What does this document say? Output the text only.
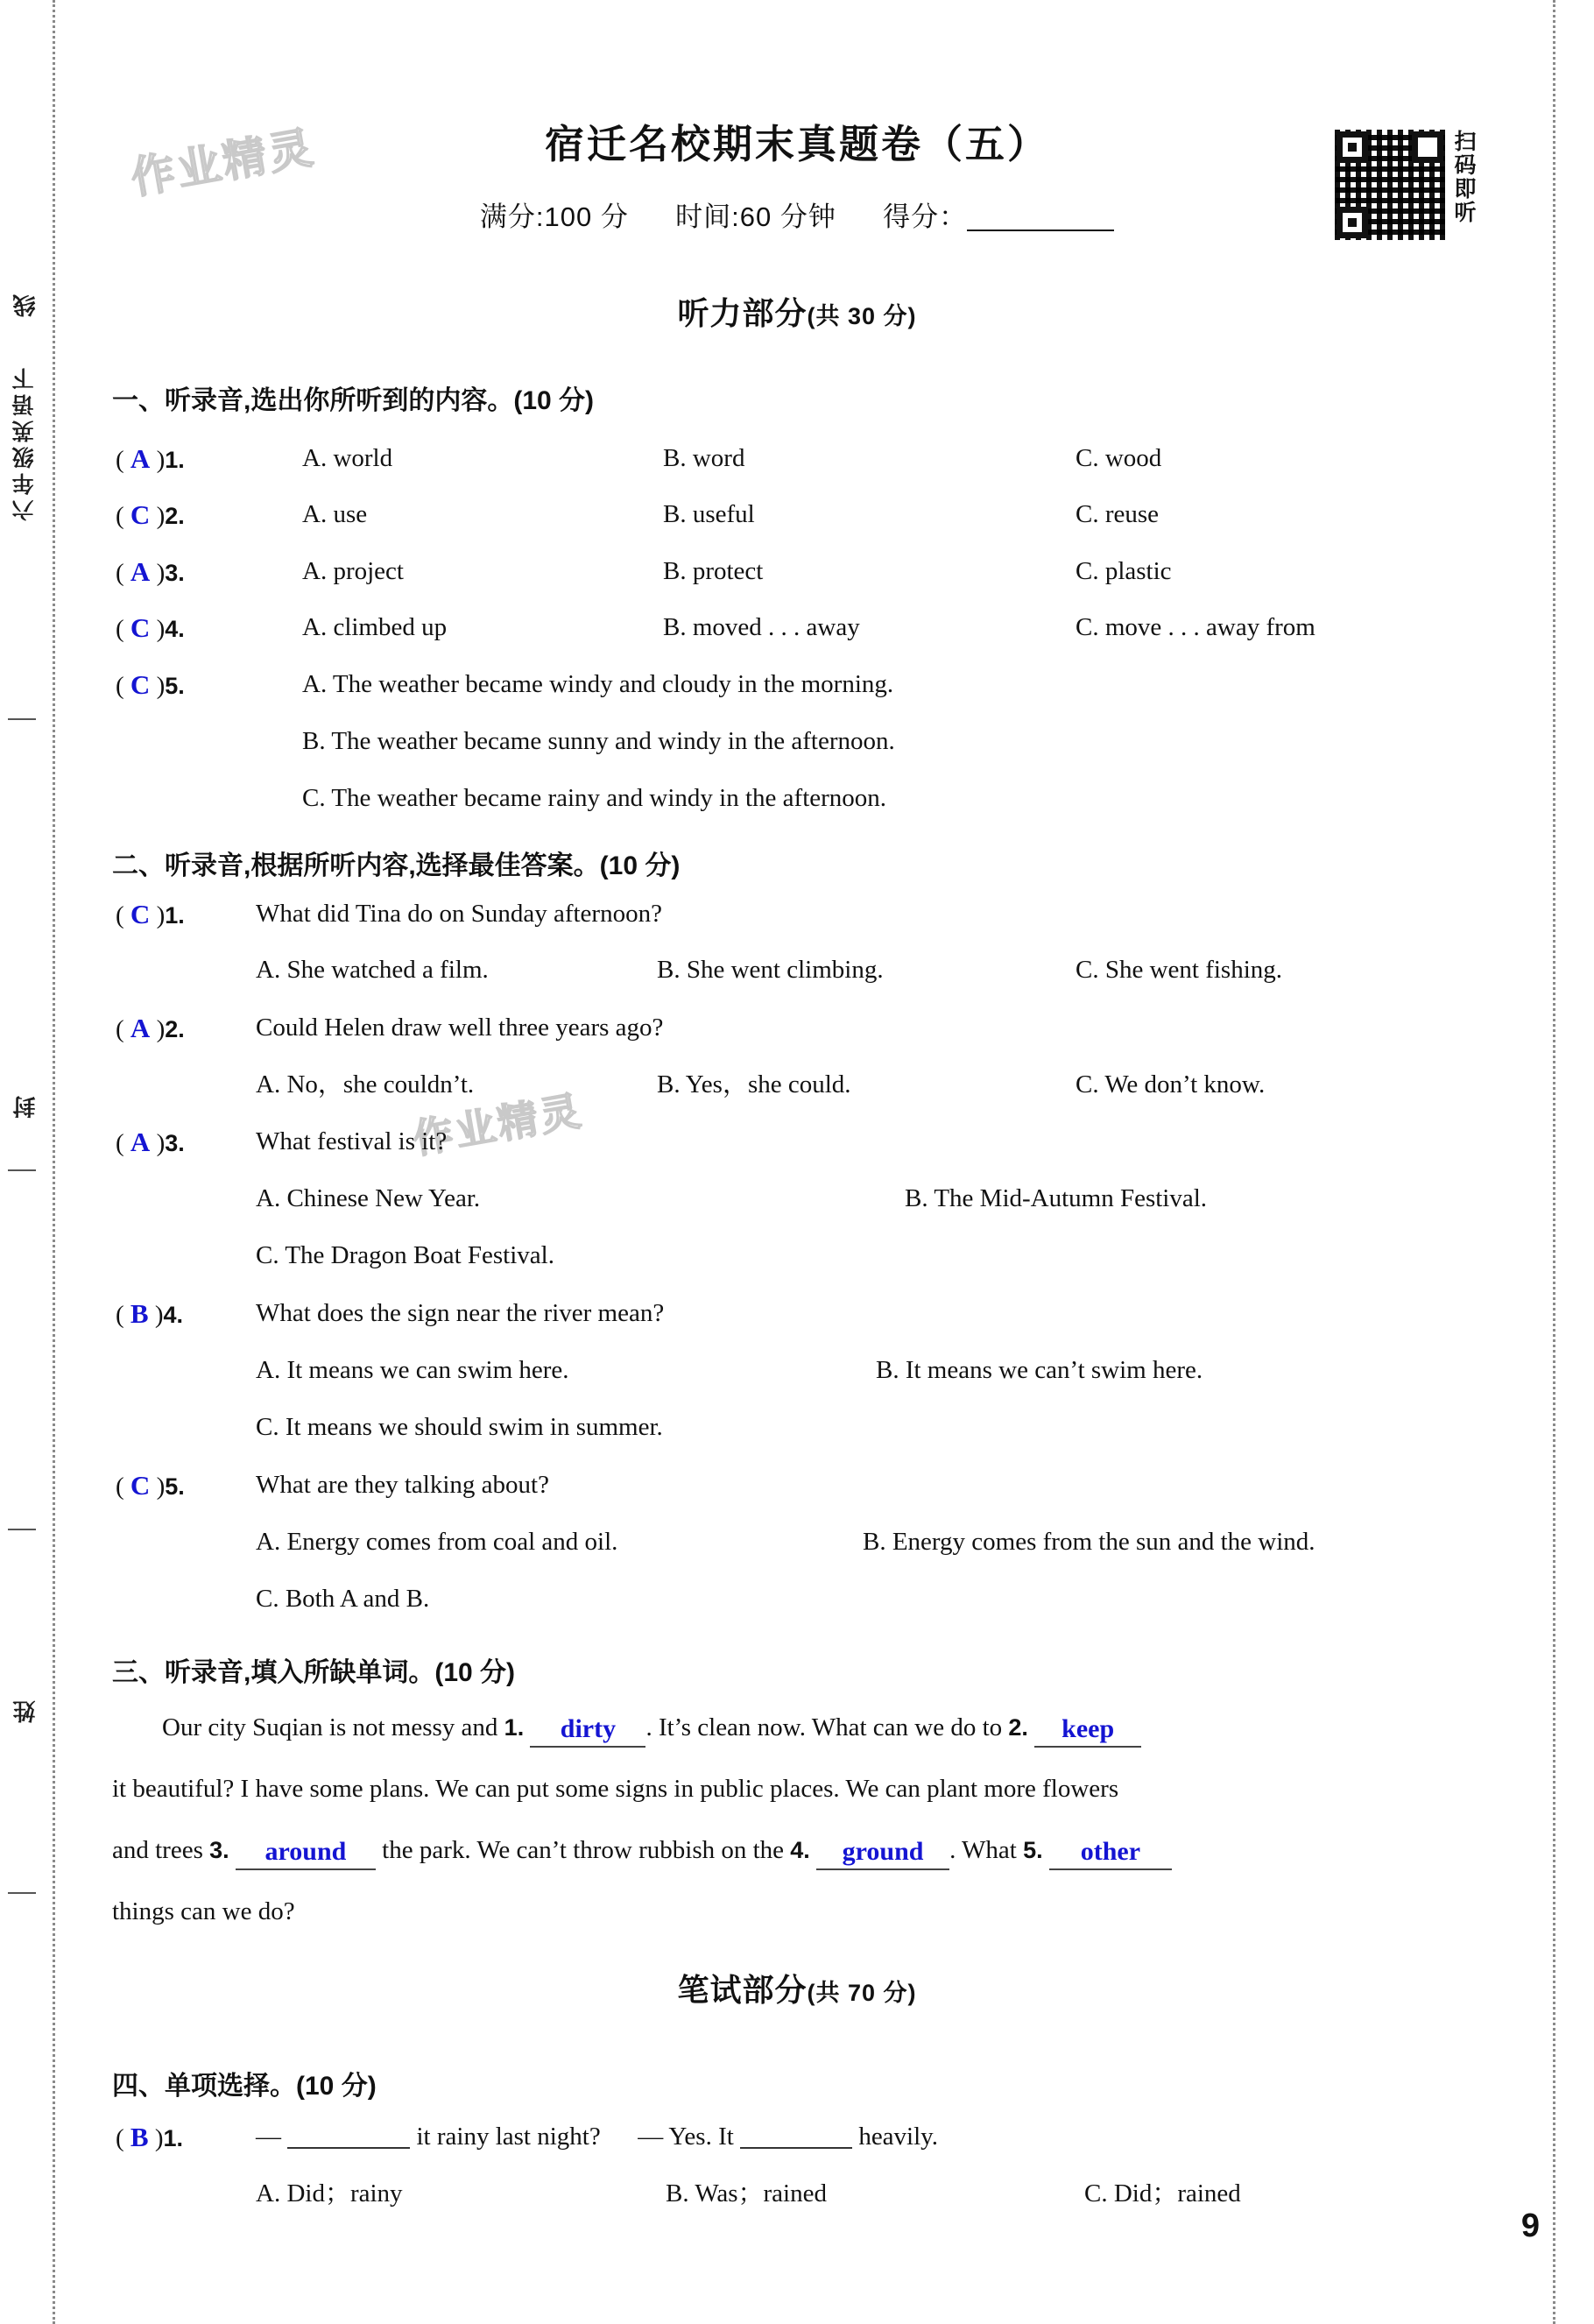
线
六年级英语下
封
姓
作业精灵
作业精灵
宿迁名校期末真题卷（五）
满分:100 分 时间:60 分钟 得分：	扫码即听
听力部分(共 30 分)
一、听录音,选出你所听到的内容。(10 分)
( A )1.	A. world	B. word	C. wood
( C )2.	A. use	B. useful	C. reuse
( A )3.	A. project	B. protect	C. plastic
( C )4.	A. climbed up	B. moved . . . away	C. move . . . away from
( C )5.	A. The weather became windy and cloudy in the morning.
B. The weather became sunny and windy in the afternoon.
C. The weather became rainy and windy in the afternoon.
二、听录音,根据所听内容,选择最佳答案。(10 分)
( C )1.	What did Tina do on Sunday afternoon?
A. She watched a film.	B. She went climbing.	C. She went fishing.
( A )2.	Could Helen draw well three years ago?
A. No，she couldn’t.	B. Yes，she could.	C. We don’t know.
( A )3.	What festival is it?
A. Chinese New Year.	B. The Mid-Autumn Festival.
C. The Dragon Boat Festival.
( B )4.	What does the sign near the river mean?
A. It means we can swim here.	B. It means we can’t swim here.
C. It means we should swim in summer.
( C )5.	What are they talking about?
A. Energy comes from coal and oil.	B. Energy comes from the sun and the wind.
C. Both A and B.
三、听录音,填入所缺单词。(10 分)
Our city Suqian is not messy and 1. dirty . It’s clean now. What can we do to 2. keep
it beautiful? I have some plans. We can put some signs in public places. We can plant more flowers
and trees 3. around the park. We can’t throw rubbish on the 4. ground . What 5. other
things can we do?
笔试部分(共 70 分)
四、单项选择。(10 分)
( B )1.	—	it rainy last night? — Yes. It	heavily.
A. Did；rainy	B. Was；rained	C. Did；rained
9
